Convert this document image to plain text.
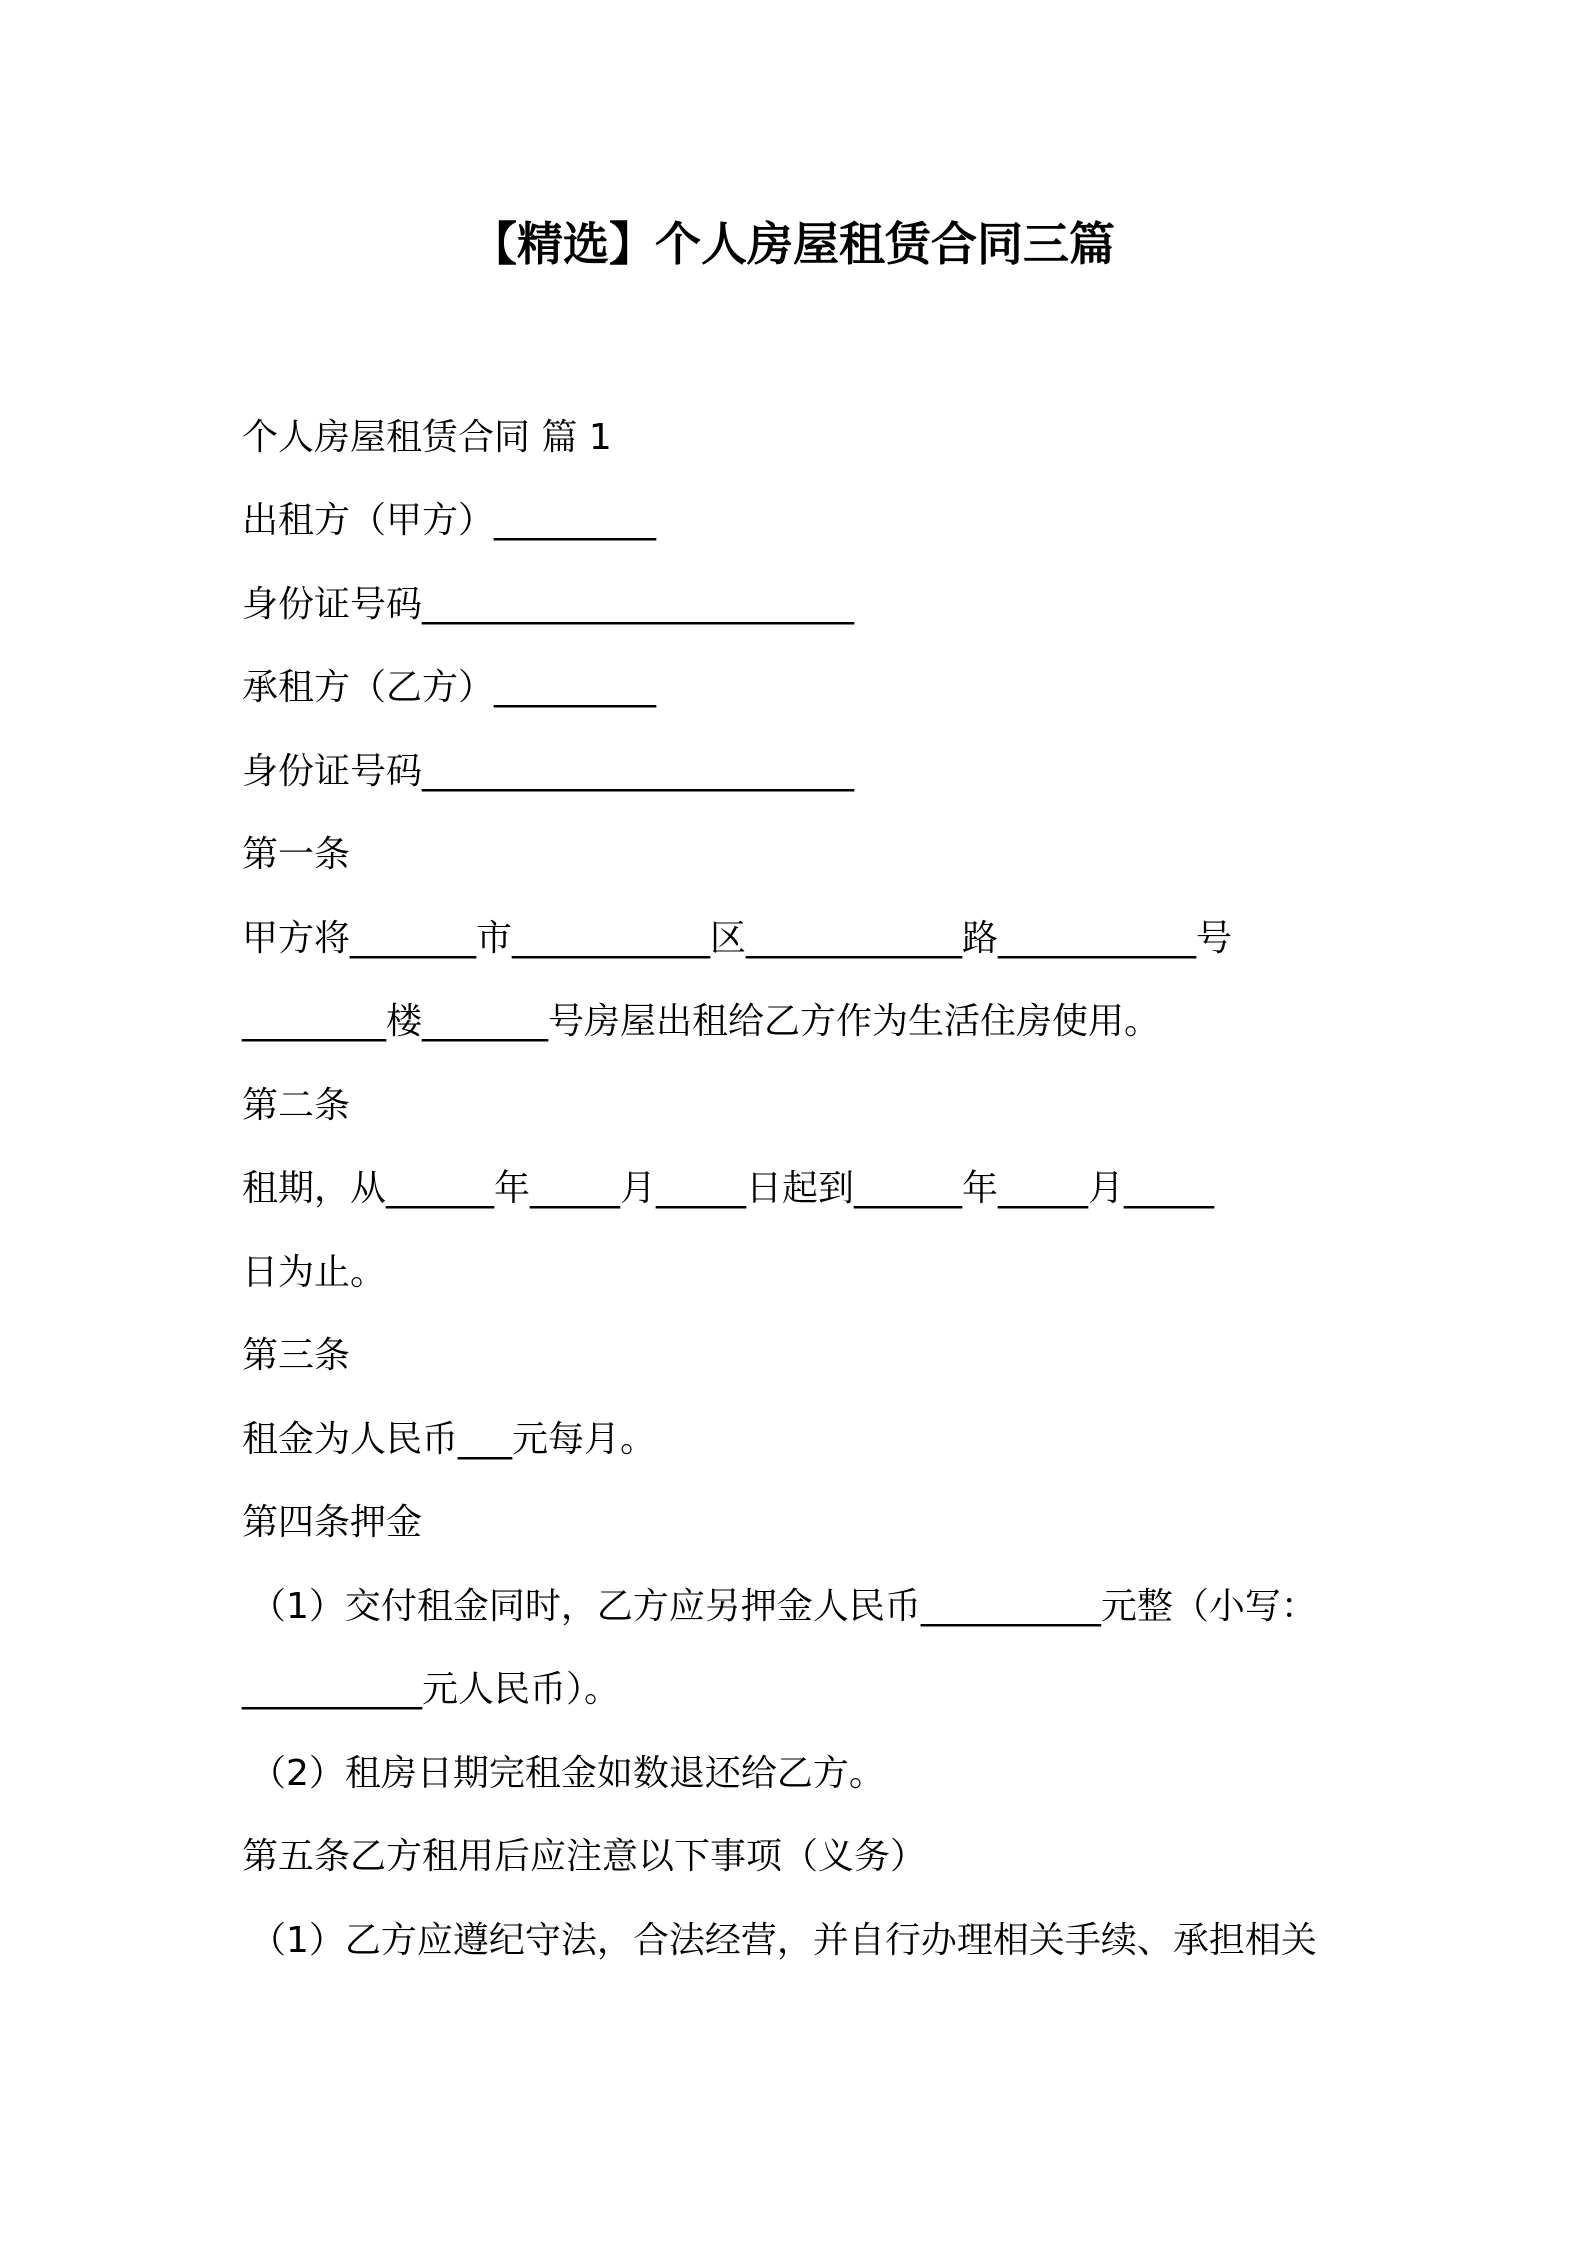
【精选】个人房屋租赁合同三篇
个人房屋租赁合同 篇 1
出租方（甲方）_________
身份证号码________________________
承租方（乙方）_________
身份证号码________________________
第一条
甲方将_______市___________区____________路___________号
________楼_______号房屋出租给乙方作为生活住房使用。
第二条
租期，从______年_____月_____日起到______年_____月_____
日为止。
第三条
租金为人民币___元每月。
第四条押金
（1）交付租金同时，乙方应另押金人民币__________元整（小写：
__________元人民币）。
（2）租房日期完租金如数退还给乙方。
第五条乙方租用后应注意以下事项（义务）
（1）乙方应遵纪守法，合法经营，并自行办理相关手续、承担相关
